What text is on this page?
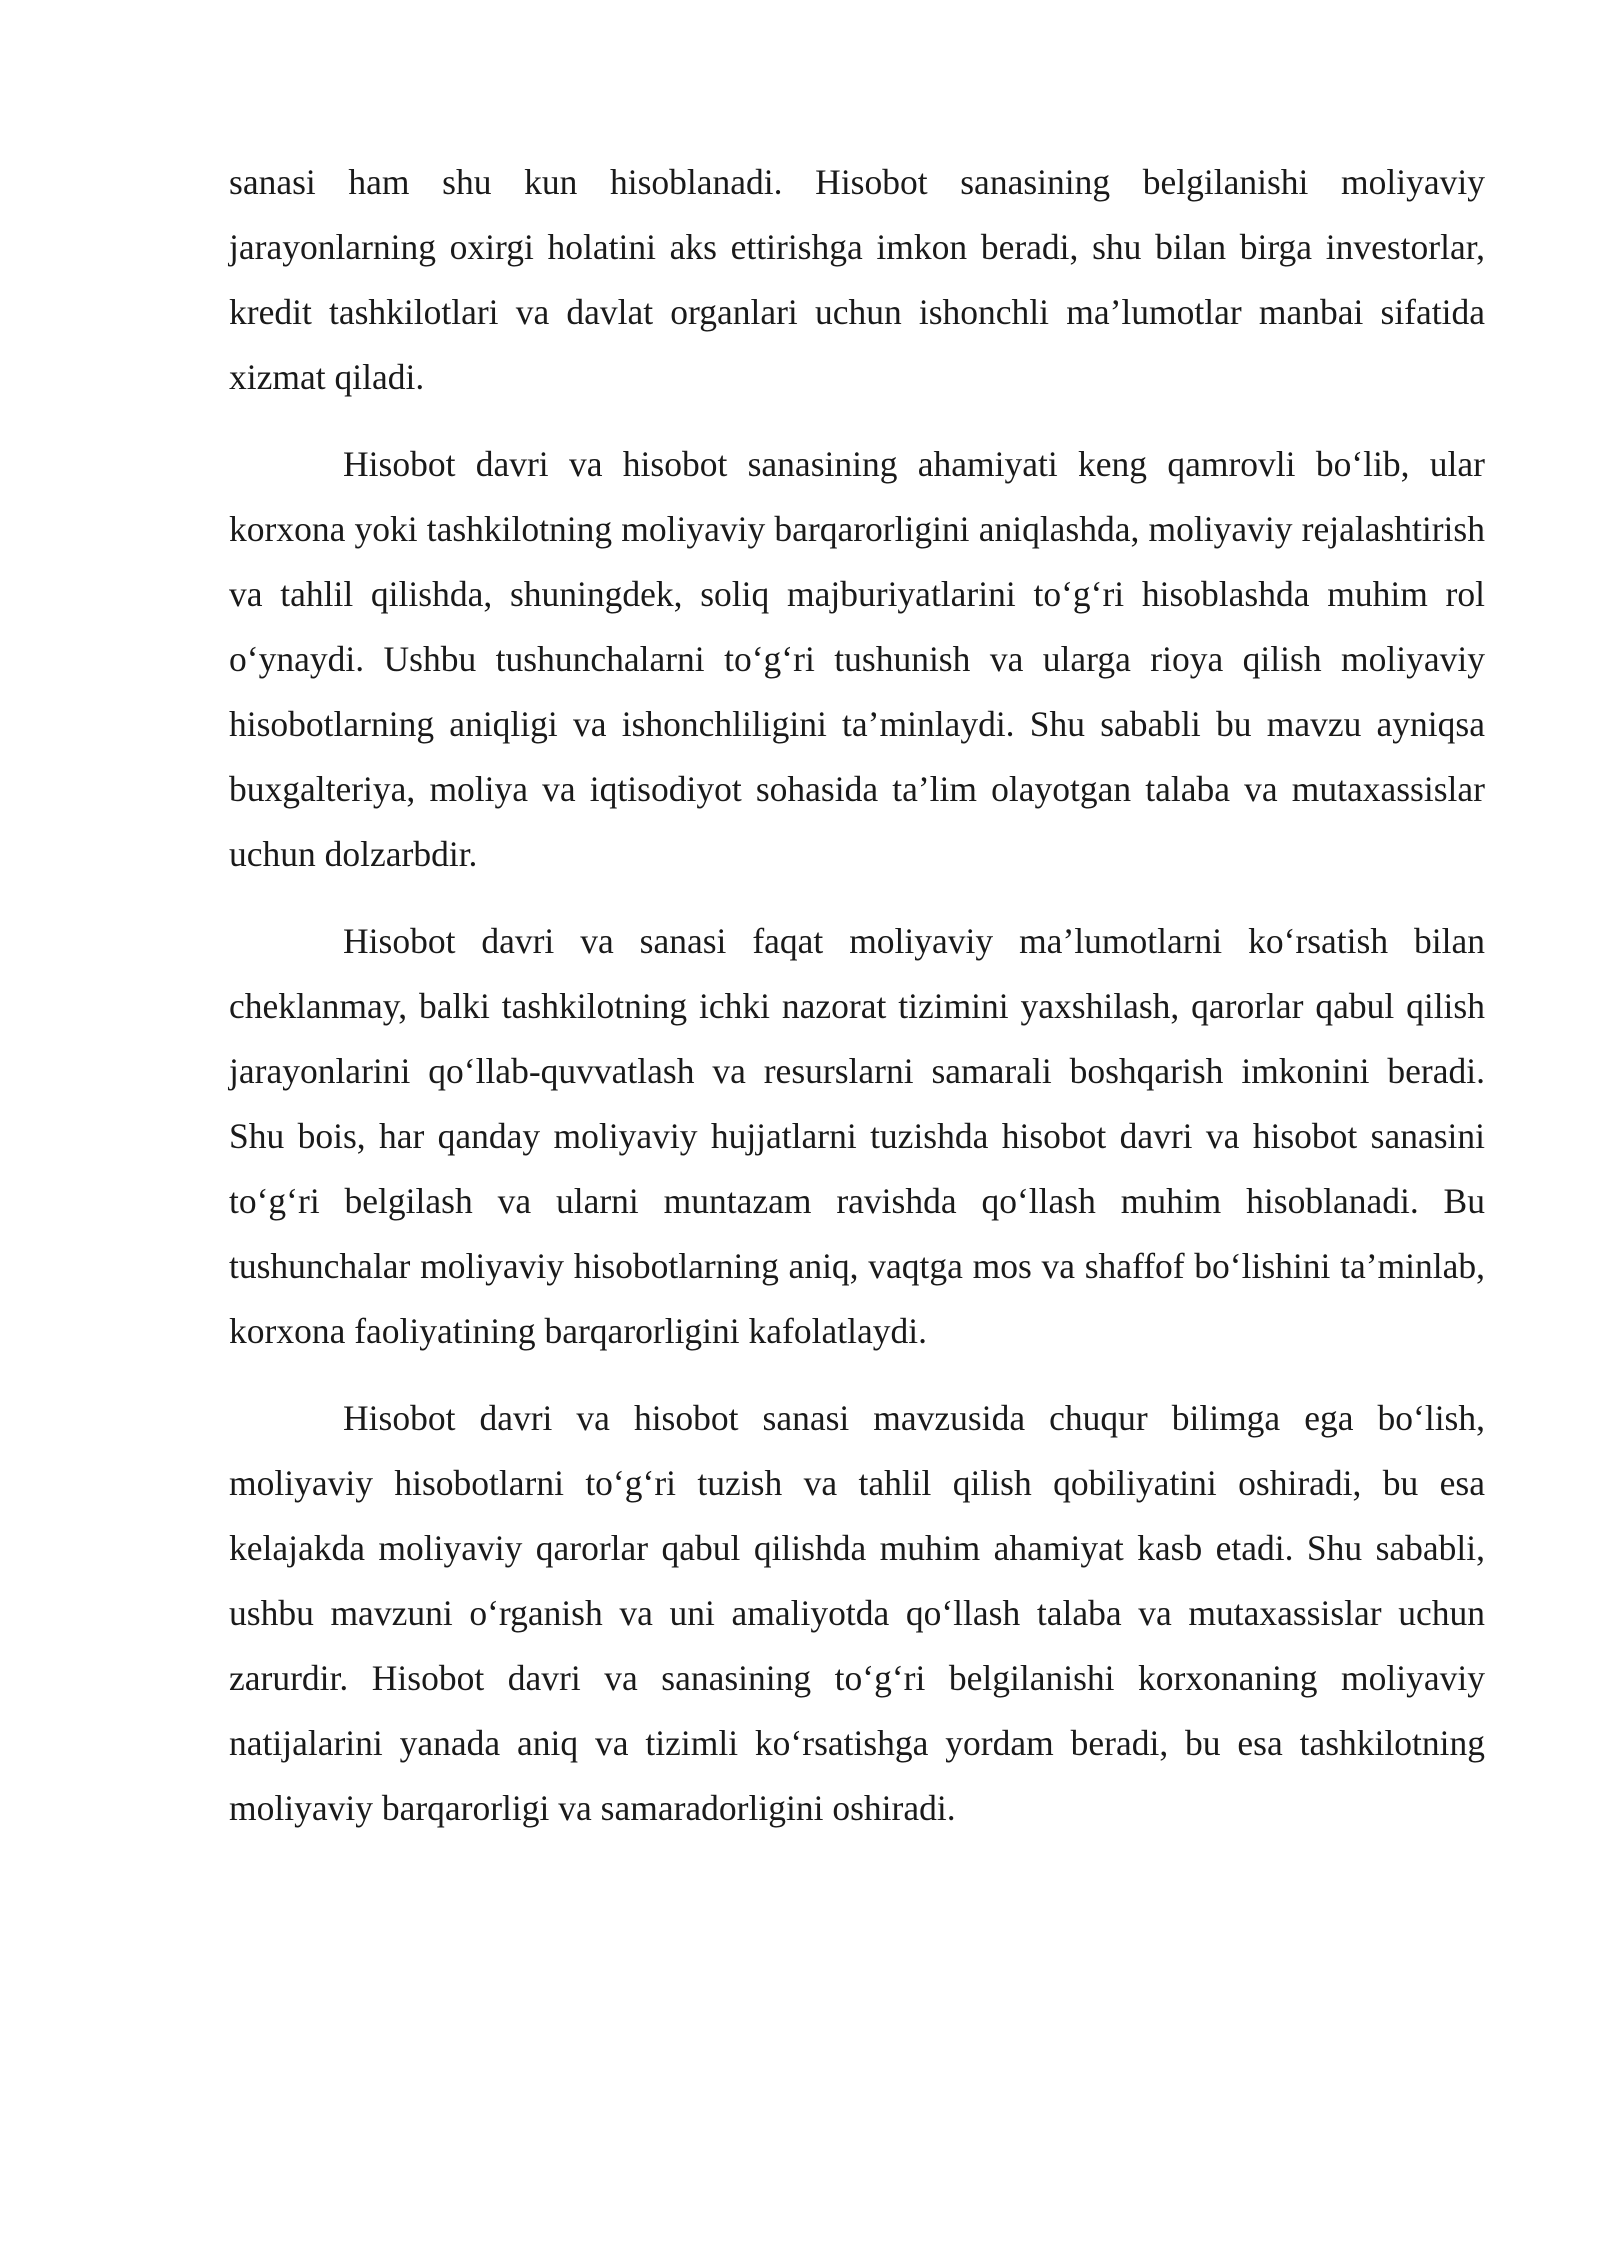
sanasi ham shu kun hisoblanadi. Hisobot sanasining belgilanishi moliyaviy jarayonlarning oxirgi holatini aks ettirishga imkon beradi, shu bilan birga investorlar, kredit tashkilotlari va davlat organlari uchun ishonchli ma’lumotlar manbai sifatida xizmat qiladi.

Hisobot davri va hisobot sanasining ahamiyati keng qamrovli bo‘lib, ular korxona yoki tashkilotning moliyaviy barqarorligini aniqlashda, moliyaviy rejalashtirish va tahlil qilishda, shuningdek, soliq majburiyatlarini to‘g‘ri hisoblashda muhim rol o‘ynaydi. Ushbu tushunchalarni to‘g‘ri tushunish va ularga rioya qilish moliyaviy hisobotlarning aniqligi va ishonchliligini ta’minlaydi. Shu sababli bu mavzu ayniqsa buxgalteriya, moliya va iqtisodiyot sohasida ta’lim olayotgan talaba va mutaxassislar uchun dolzarbdir.

Hisobot davri va sanasi faqat moliyaviy ma’lumotlarni ko‘rsatish bilan cheklanmay, balki tashkilotning ichki nazorat tizimini yaxshilash, qarorlar qabul qilish jarayonlarini qo‘llab-quvvatlash va resurslarni samarali boshqarish imkonini beradi. Shu bois, har qanday moliyaviy hujjatlarni tuzishda hisobot davri va hisobot sanasini to‘g‘ri belgilash va ularni muntazam ravishda qo‘llash muhim hisoblanadi. Bu tushunchalar moliyaviy hisobotlarning aniq, vaqtga mos va shaffof bo‘lishini ta’minlab, korxona faoliyatining barqarorligini kafolatlaydi.

Hisobot davri va hisobot sanasi mavzusida chuqur bilimga ega bo‘lish, moliyaviy hisobotlarni to‘g‘ri tuzish va tahlil qilish qobiliyatini oshiradi, bu esa kelajakda moliyaviy qarorlar qabul qilishda muhim ahamiyat kasb etadi. Shu sababli, ushbu mavzuni o‘rganish va uni amaliyotda qo‘llash talaba va mutaxassislar uchun zarurdir. Hisobot davri va sanasining to‘g‘ri belgilanishi korxonaning moliyaviy natijalarini yanada aniq va tizimli ko‘rsatishga yordam beradi, bu esa tashkilotning moliyaviy barqarorligi va samaradorligini oshiradi.
